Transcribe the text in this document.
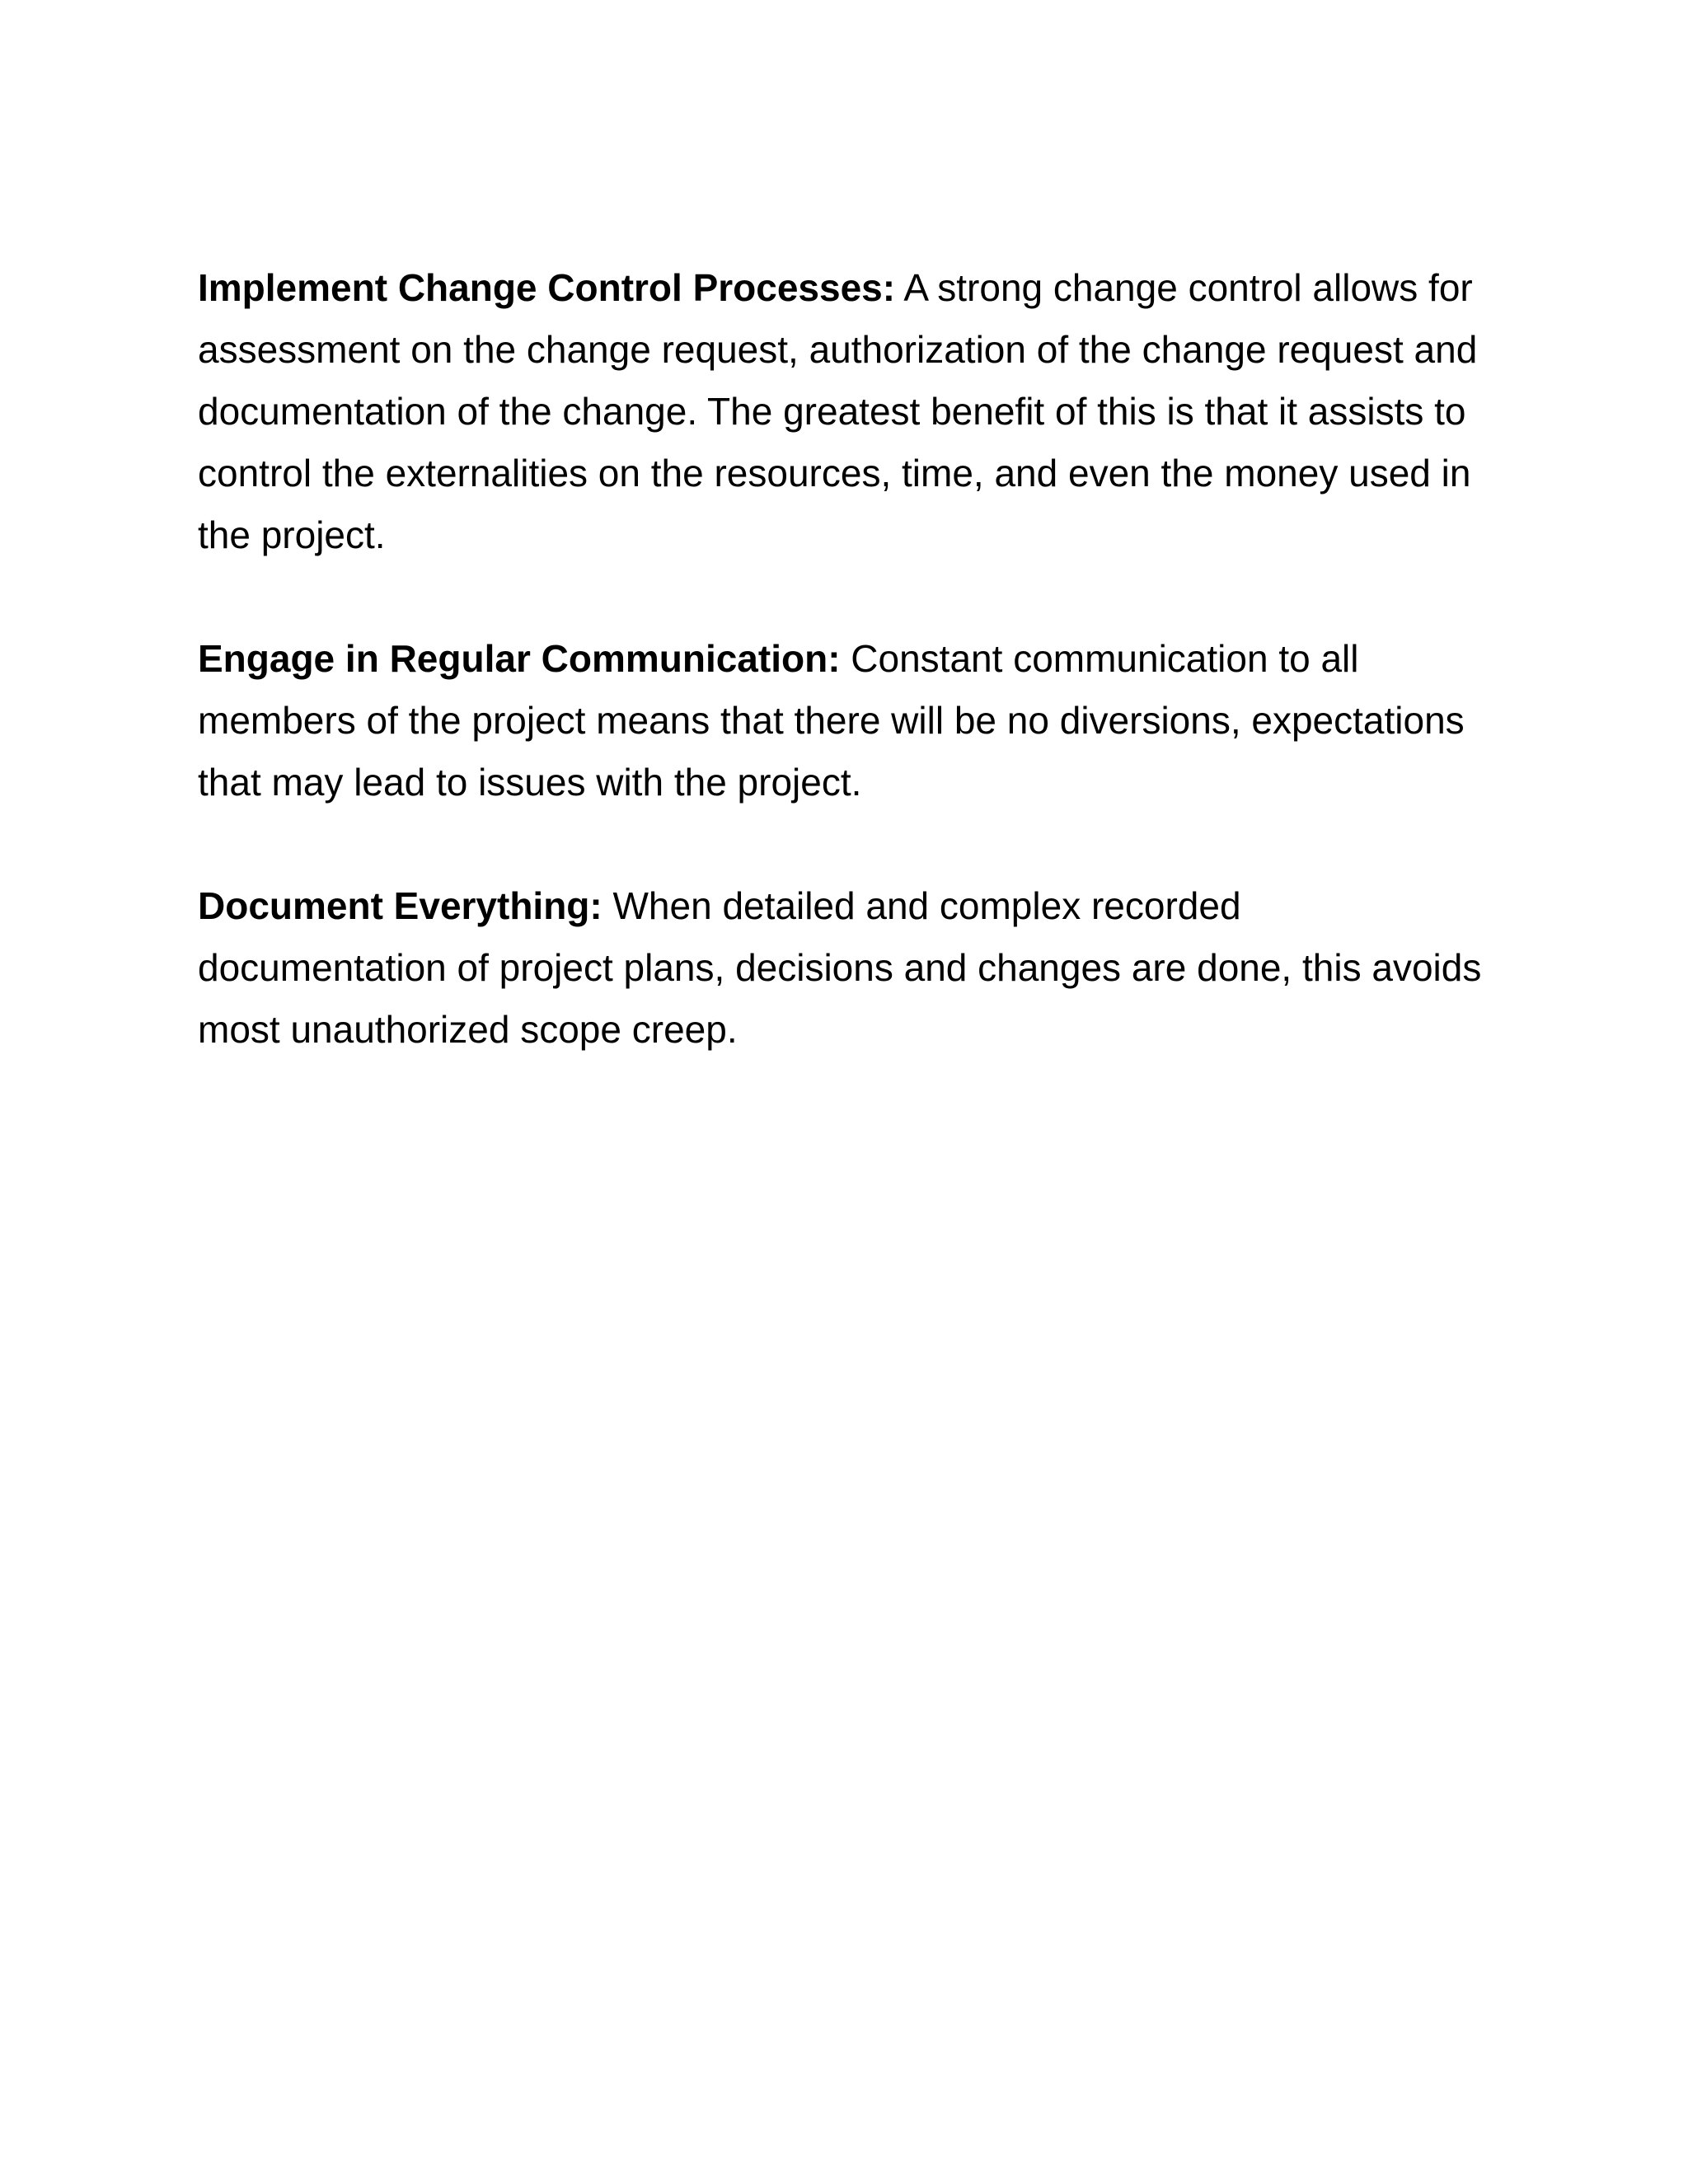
Implement Change Control Processes: A strong change control allows for assessment on the change request, authorization of the change request and documentation of the change. The greatest benefit of this is that it assists to control the externalities on the resources, time, and even the money used in the project.

Engage in Regular Communication: Constant communication to all members of the project means that there will be no diversions, expectations that may lead to issues with the project.

Document Everything: When detailed and complex recorded documentation of project plans, decisions and changes are done, this avoids most unauthorized scope creep.
